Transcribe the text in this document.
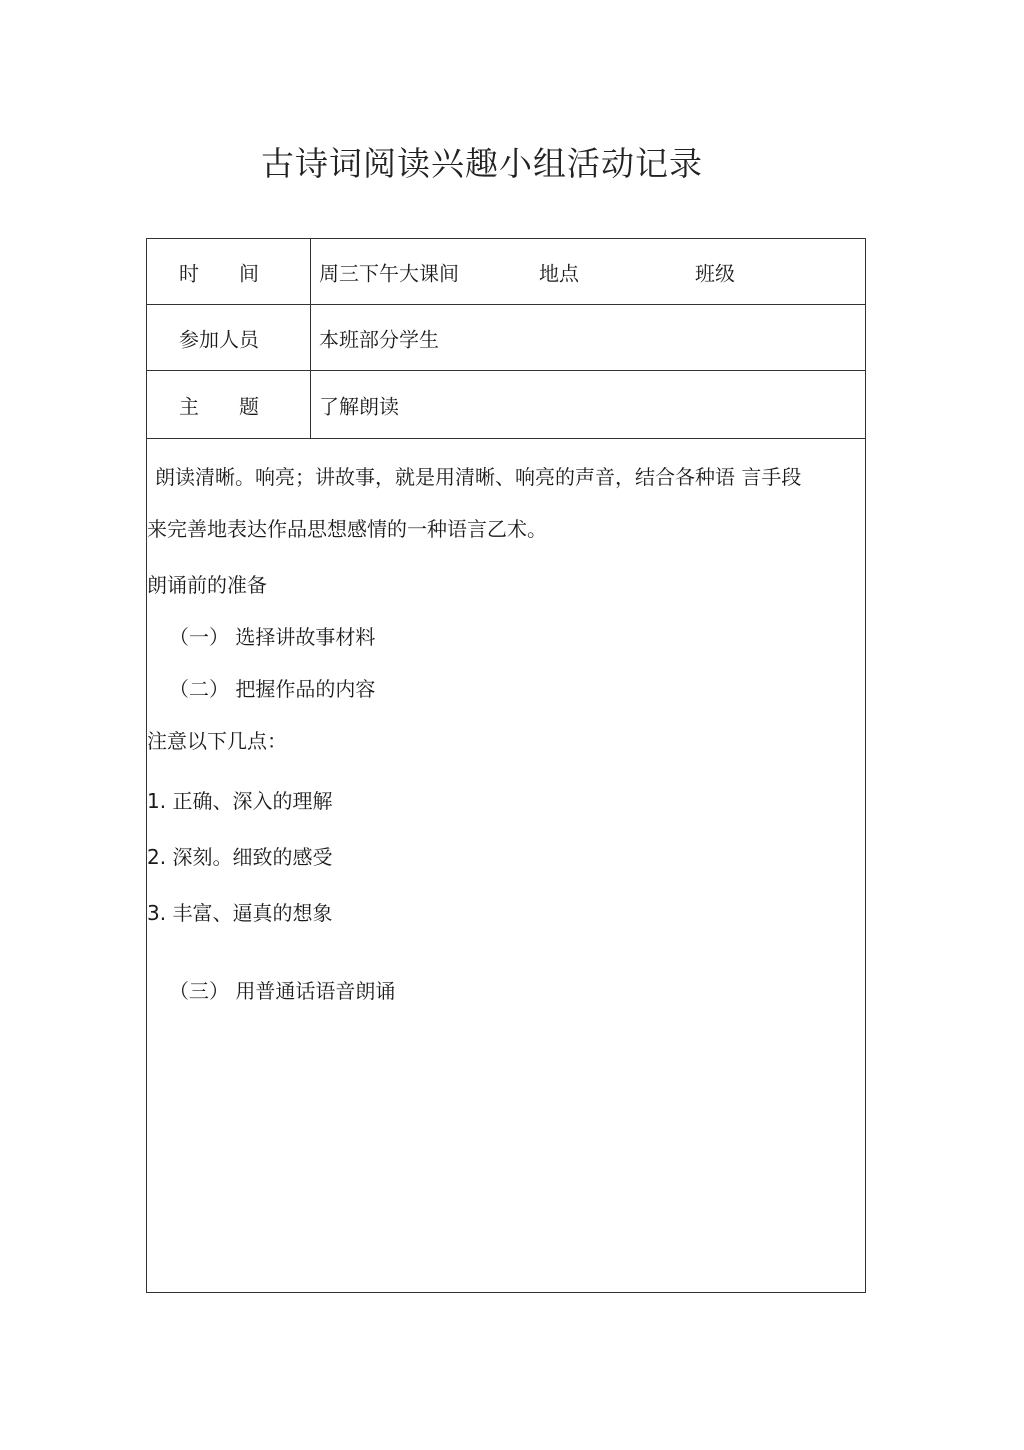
古诗词阅读兴趣小组活动记录
时　　间	周三下午大课间	地点	班级
参加人员	本班部分学生
主　　题	了解朗读
朗读清晰。响亮；讲故事，就是用清晰、响亮的声音，结合各种语 言手段
来完善地表达作品思想感情的一种语言乙术。
朗诵前的准备
（一） 选择讲故事材料
（二） 把握作品的内容
注意以下几点：
1. 正确、深入的理解
2. 深刻。细致的感受
3. 丰富、逼真的想象
（三） 用普通话语音朗诵
